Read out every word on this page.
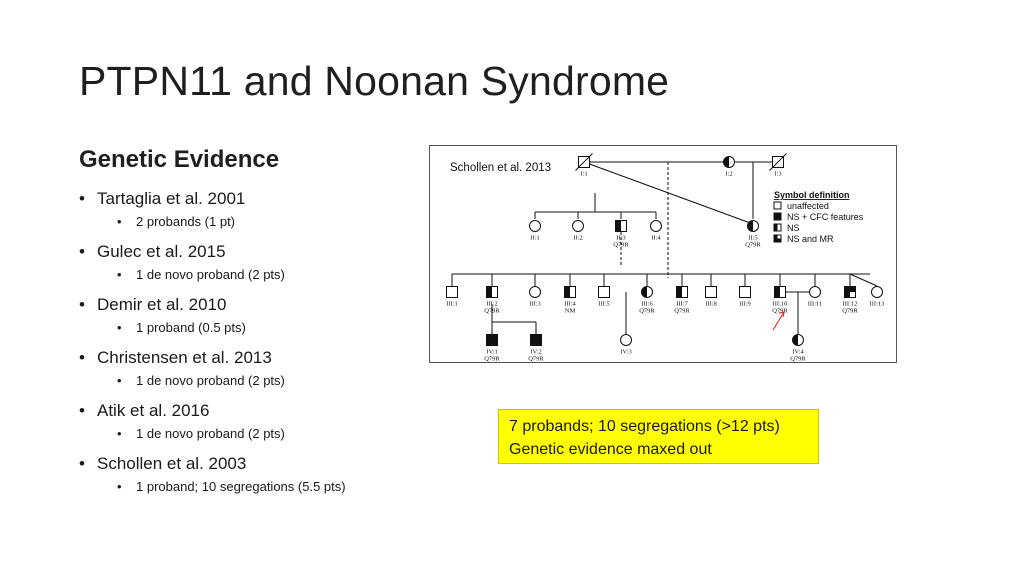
PTPN11 and Noonan Syndrome
Genetic Evidence
• Tartaglia et al. 2001
• 2 probands (1 pt)
• Gulec et al. 2015
• 1 de novo proband (2 pts)
• Demir et al. 2010
• 1 proband (0.5 pts)
• Christensen et al. 2013
• 1 de novo proband (2 pts)
• Atik et al. 2016
• 1 de novo proband (2 pts)
• Schollen et al. 2003
• 1 proband; 10 segregations (5.5 pts)
I:1	I:2	I:3
II:1	II:2	II:3
Q79R
II:4	II:5
Q79R
III:1	III:2
Q79R
III:3	III:4
NM
III:5	III:6
Q79R
III:7
Q79R
III:8	III:9	III:10
Q79R
III:11	III:12
Q79R
III:13
IV:1
Q79R
IV:2
Q79R
IV:3	IV:4
Q79R
Symbol definition
unaffected
NS + CFC features
NS
NS and MR
Schollen et al. 2013
7 probands; 10 segregations (>12 pts)
Genetic evidence maxed out
